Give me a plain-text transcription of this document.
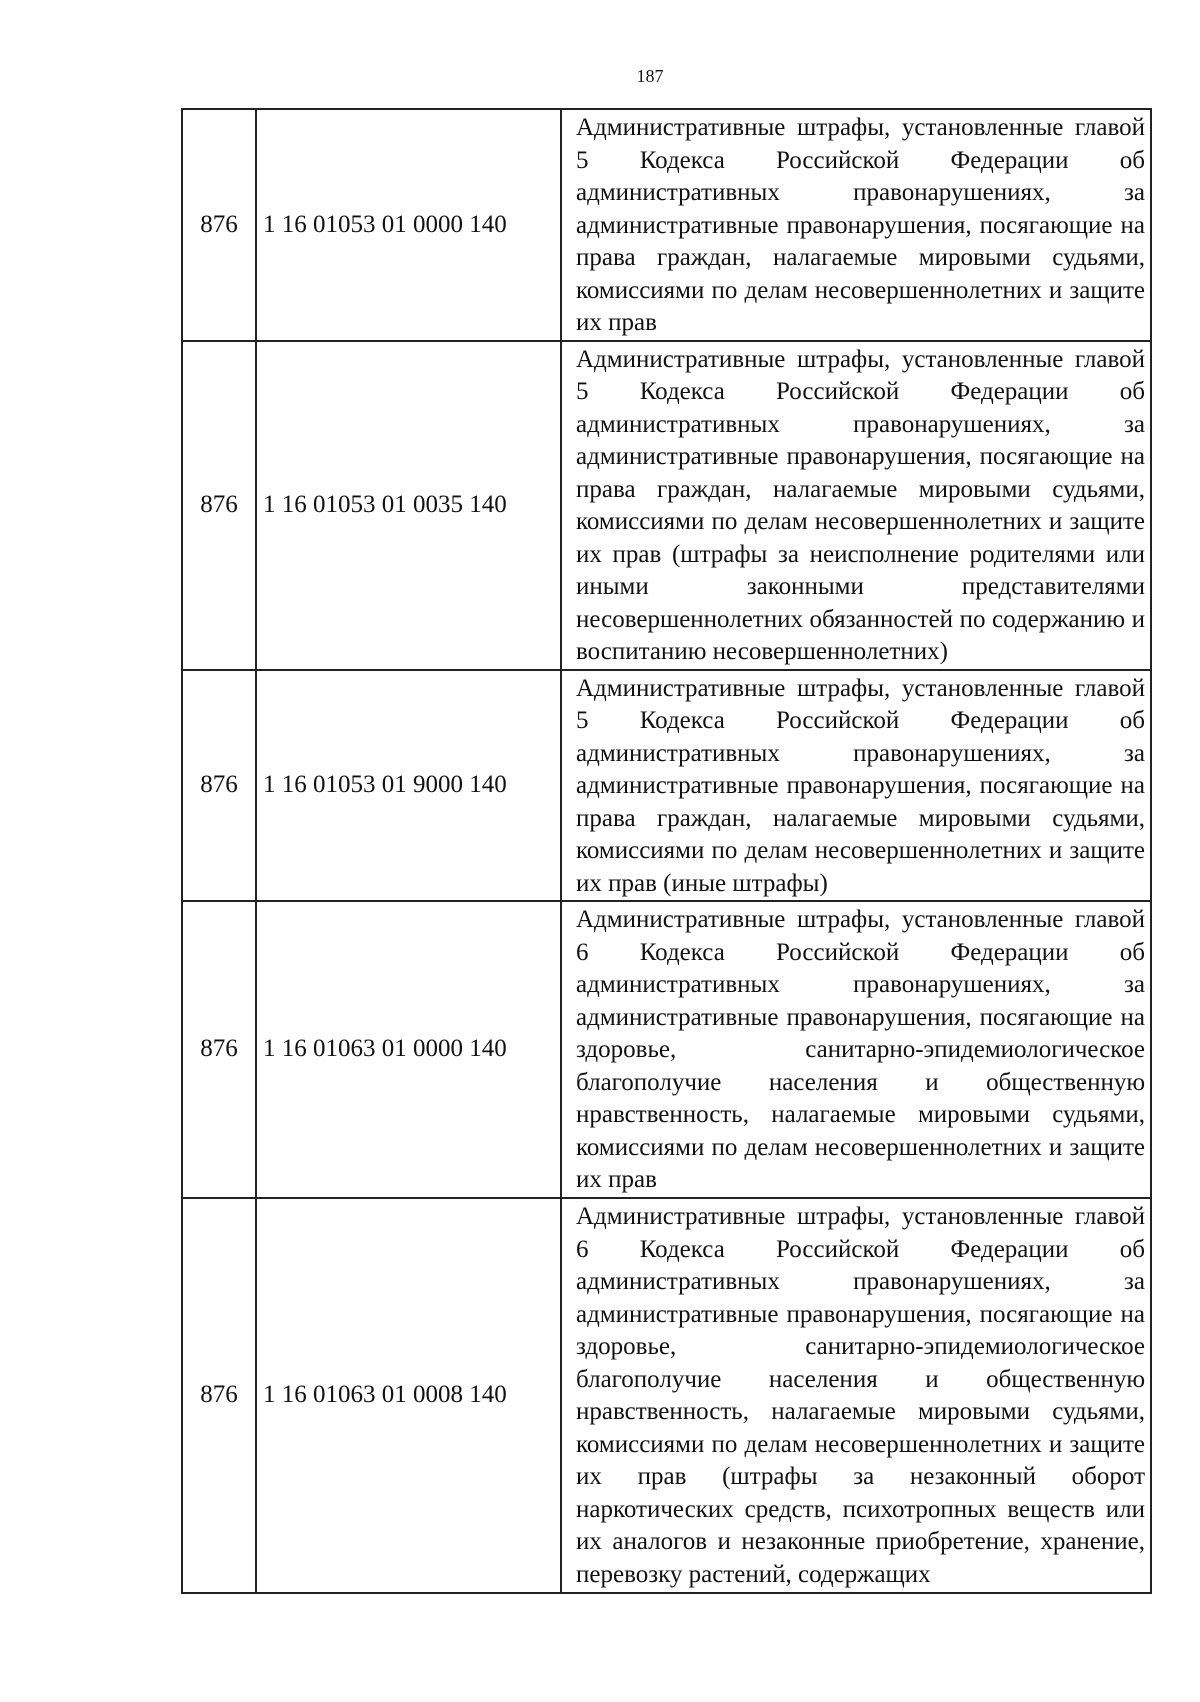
187
876	1 16 01053 01 0000 140	Административные штрафы, установленные главой 5 Кодекса Российской Федерации об административных правонарушениях, за административные правонарушения, посягающие на права граждан, налагаемые мировыми судьями, комиссиями по делам несовершеннолетних и защите их прав
876	1 16 01053 01 0035 140	Административные штрафы, установленные главой 5 Кодекса Российской Федерации об административных правонарушениях, за административные правонарушения, посягающие на права граждан, налагаемые мировыми судьями, комиссиями по делам несовершеннолетних и защите их прав (штрафы за неисполнение родителями или иными законными представителями несовершеннолетних обязанностей по содержанию и воспитанию несовершеннолетних)
876	1 16 01053 01 9000 140	Административные штрафы, установленные главой 5 Кодекса Российской Федерации об административных правонарушениях, за административные правонарушения, посягающие на права граждан, налагаемые мировыми судьями, комиссиями по делам несовершеннолетних и защите их прав (иные штрафы)
876	1 16 01063 01 0000 140	Административные штрафы, установленные главой 6 Кодекса Российской Федерации об административных правонарушениях, за административные правонарушения, посягающие на здоровье, санитарно-эпидемиологическое благополучие населения и общественную нравственность, налагаемые мировыми судьями, комиссиями по делам несовершеннолетних и защите их прав
876	1 16 01063 01 0008 140	Административные штрафы, установленные главой 6 Кодекса Российской Федерации об административных правонарушениях, за административные правонарушения, посягающие на здоровье, санитарно-эпидемиологическое благополучие населения и общественную нравственность, налагаемые мировыми судьями, комиссиями по делам несовершеннолетних и защите их прав (штрафы за незаконный оборот наркотических средств, психотропных веществ или их аналогов и незаконные приобретение, хранение, перевозку растений, содержащих
